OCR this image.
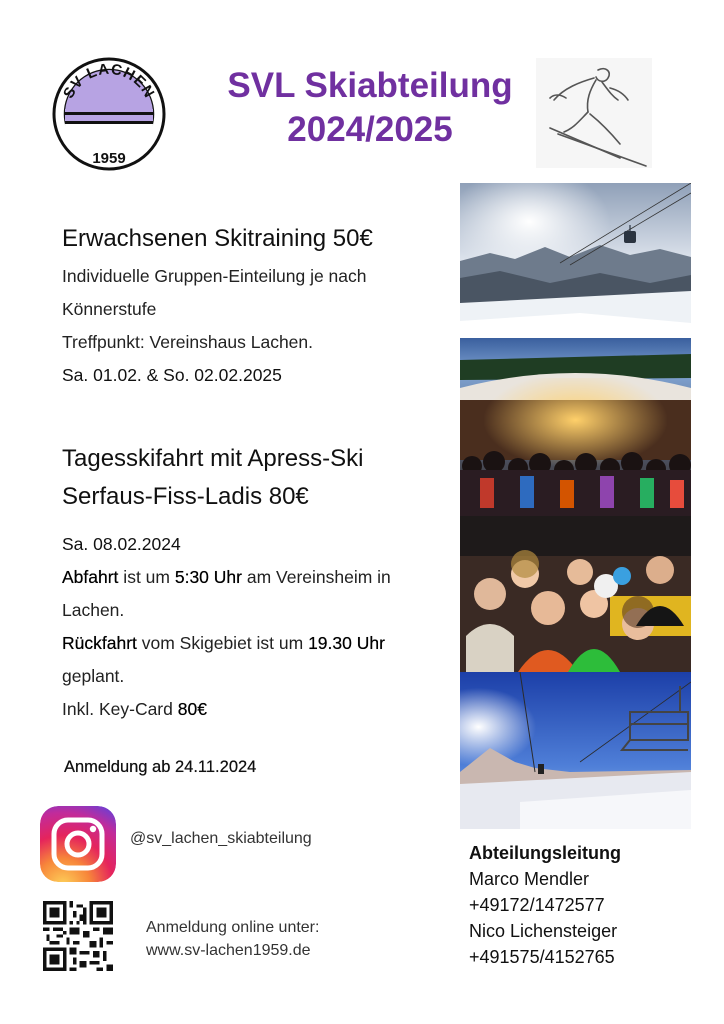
SV LACHEN
1959
SVL Skiabteilung
2024/2025
Erwachsenen Skitraining 50€
Individuelle Gruppen-Einteilung je nach
Könnerstufe
Treffpunkt: Vereinshaus Lachen.
Sa. 01.02. & So. 02.02.2025
Tagesskifahrt mit Apress-Ski
Serfaus-Fiss-Ladis 80€
Sa. 08.02.2024
Abfahrt ist um 5:30 Uhr am Vereinsheim in
Lachen.
Rückfahrt vom Skigebiet ist um 19.30 Uhr
geplant.
Inkl. Key-Card 80€
Anmeldung ab 24.11.2024
@sv_lachen_skiabteilung
Anmeldung online unter:
www.sv-lachen1959.de
Abteilungsleitung
Marco Mendler
+49172/1472577
Nico Lichensteiger
+491575/4152765
